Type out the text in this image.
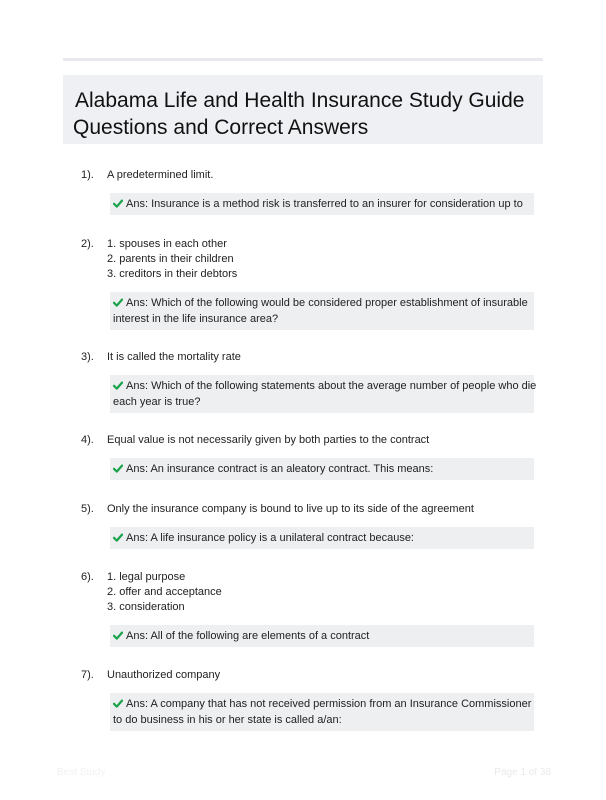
Alabama Life and Health Insurance Study Guide
Questions and Correct Answers
1). A predetermined limit.
Ans: Insurance is a method risk is transferred to an insurer for consideration up to
2). 1. spouses in each other
2. parents in their children
3. creditors in their debtors
Ans: Which of the following would be considered proper establishment of insurable
interest in the life insurance area?
3). It is called the mortality rate
Ans: Which of the following statements about the average number of people who die
each year is true?
4). Equal value is not necessarily given by both parties to the contract
Ans: An insurance contract is an aleatory contract. This means:
5). Only the insurance company is bound to live up to its side of the agreement
Ans: A life insurance policy is a unilateral contract because:
6). 1. legal purpose
2. offer and acceptance
3. consideration
Ans: All of the following are elements of a contract
7). Unauthorized company
Ans: A company that has not received permission from an Insurance Commissioner
to do business in his or her state is called a/an:
Best Study	Page 1 of 38
